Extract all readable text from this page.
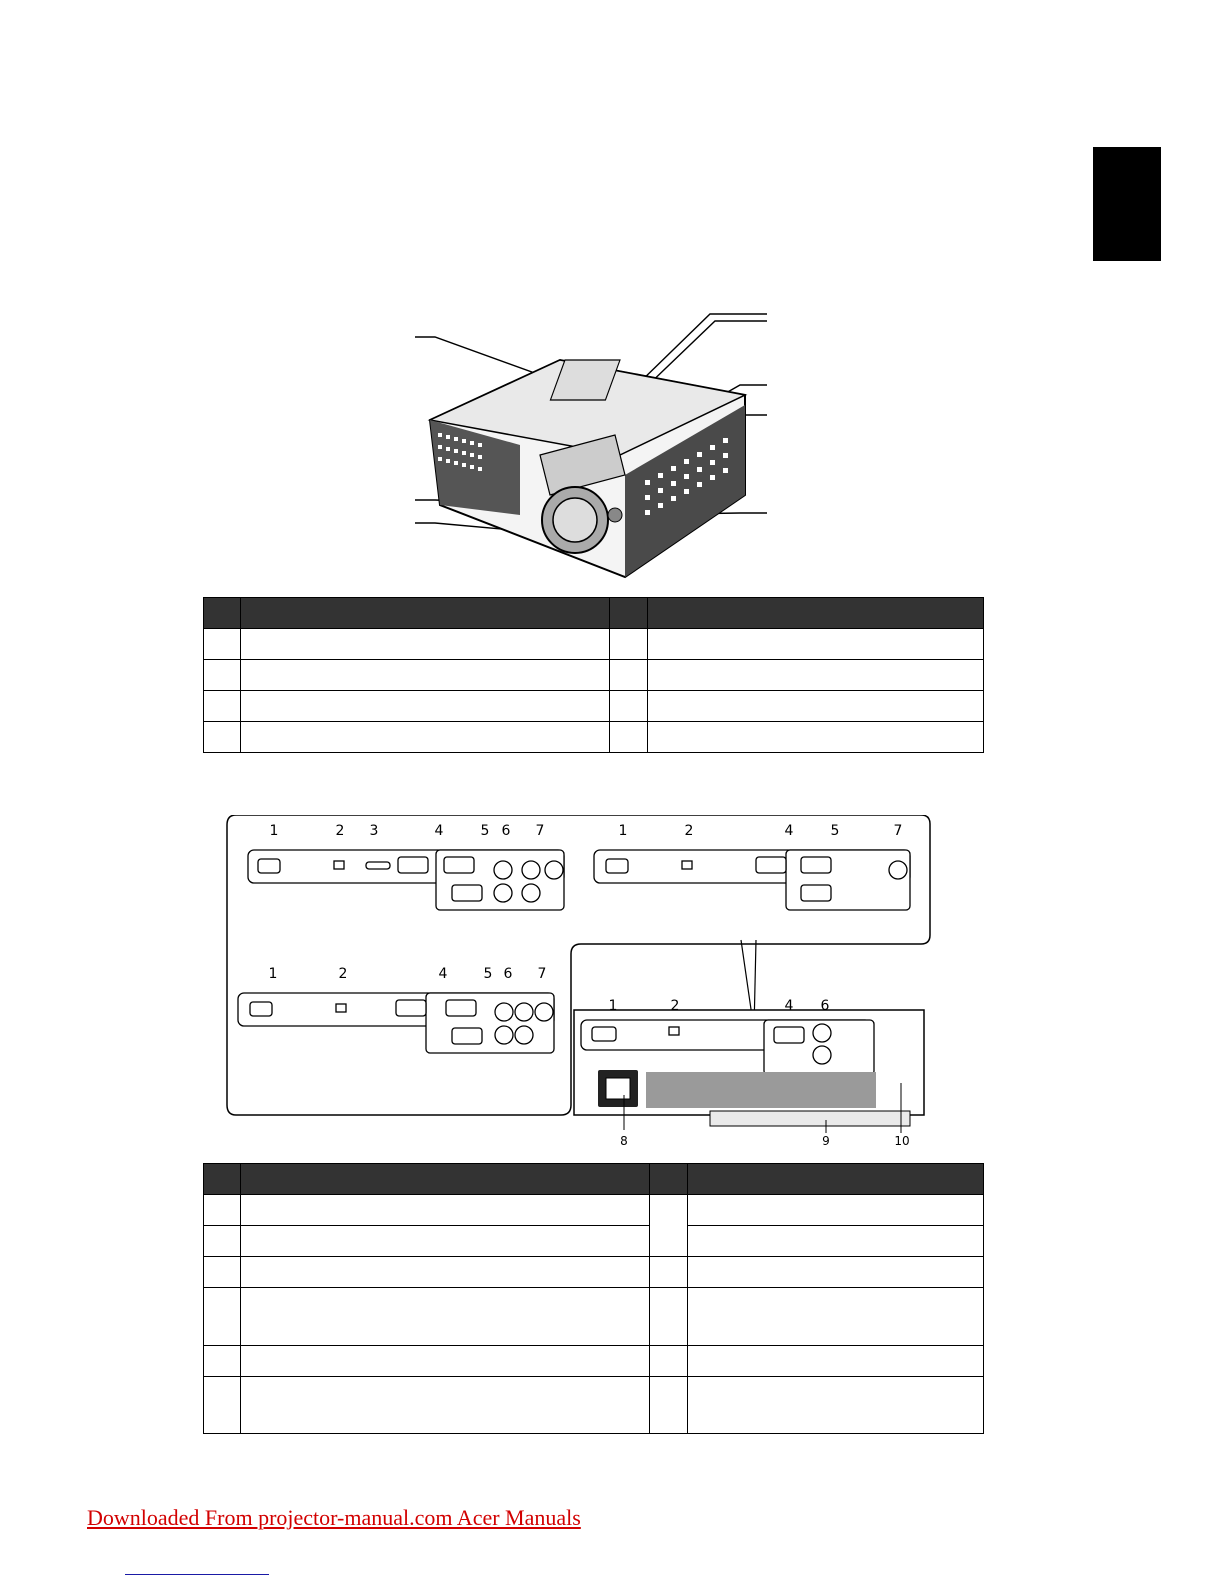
1	2	3	4	5 6	7	1	2	4	5	7
1	2	4	5 6	7
1	2	4	6
8	9	10

Downloaded From projector-manual.com Acer Manuals
